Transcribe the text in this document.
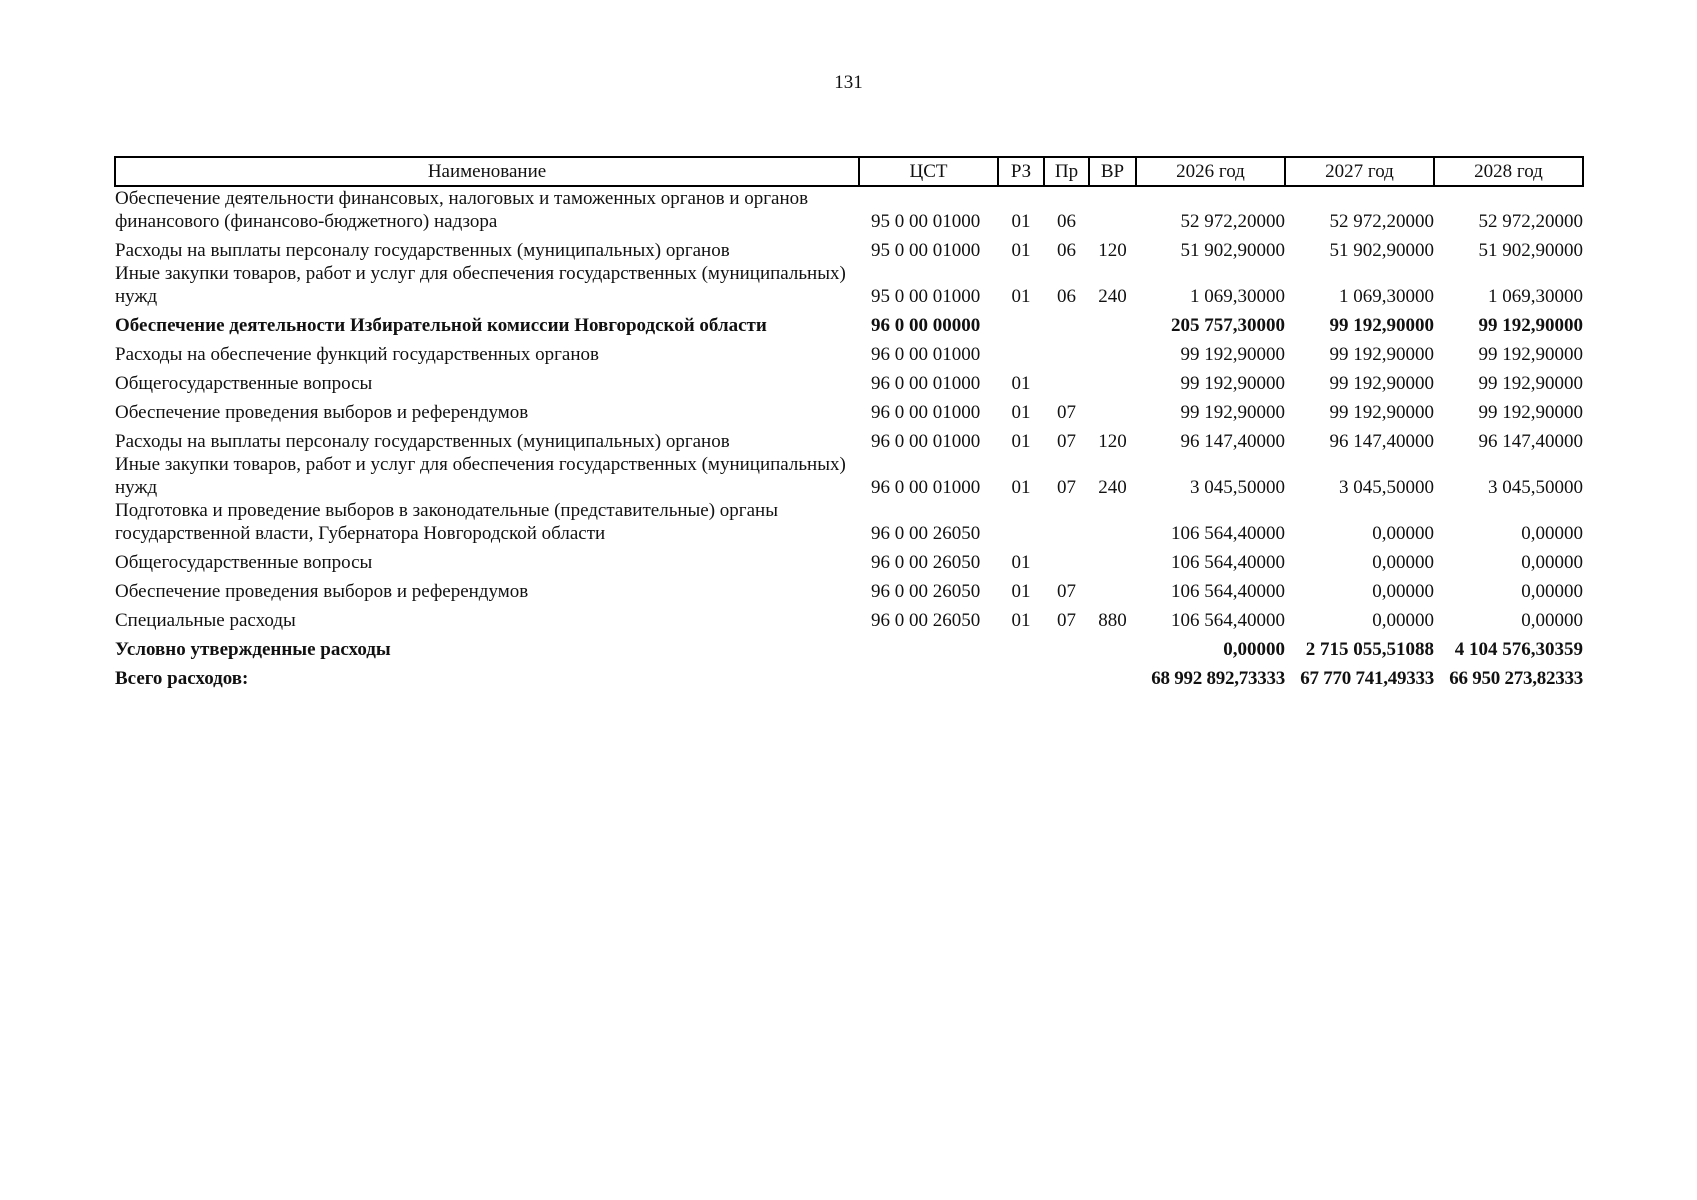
131
Наименование	ЦСТ	РЗ	Пр	ВР	2026 год	2027 год	2028 год
Обеспечение деятельности финансовых, налоговых и таможенных органов и органов финансового (финансово-бюджетного) надзора	95 0 00 01000	01	06		52 972,20000	52 972,20000	52 972,20000
Расходы на выплаты персоналу государственных (муниципальных) органов	95 0 00 01000	01	06	120	51 902,90000	51 902,90000	51 902,90000
Иные закупки товаров, работ и услуг для обеспечения государственных (муниципальных) нужд	95 0 00 01000	01	06	240	1 069,30000	1 069,30000	1 069,30000
Обеспечение деятельности Избирательной комиссии Новгородской области	96 0 00 00000				205 757,30000	99 192,90000	99 192,90000
Расходы на обеспечение функций государственных органов	96 0 00 01000				99 192,90000	99 192,90000	99 192,90000
Общегосударственные вопросы	96 0 00 01000	01			99 192,90000	99 192,90000	99 192,90000
Обеспечение проведения выборов и референдумов	96 0 00 01000	01	07		99 192,90000	99 192,90000	99 192,90000
Расходы на выплаты персоналу государственных (муниципальных) органов	96 0 00 01000	01	07	120	96 147,40000	96 147,40000	96 147,40000
Иные закупки товаров, работ и услуг для обеспечения государственных (муниципальных) нужд	96 0 00 01000	01	07	240	3 045,50000	3 045,50000	3 045,50000
Подготовка и проведение выборов в законодательные (представительные) органы государственной власти, Губернатора Новгородской области	96 0 00 26050				106 564,40000	0,00000	0,00000
Общегосударственные вопросы	96 0 00 26050	01			106 564,40000	0,00000	0,00000
Обеспечение проведения выборов и референдумов	96 0 00 26050	01	07		106 564,40000	0,00000	0,00000
Специальные расходы	96 0 00 26050	01	07	880	106 564,40000	0,00000	0,00000
Условно утвержденные расходы					0,00000	2 715 055,51088	4 104 576,30359
Всего расходов:					68 992 892,73333	67 770 741,49333	66 950 273,82333
